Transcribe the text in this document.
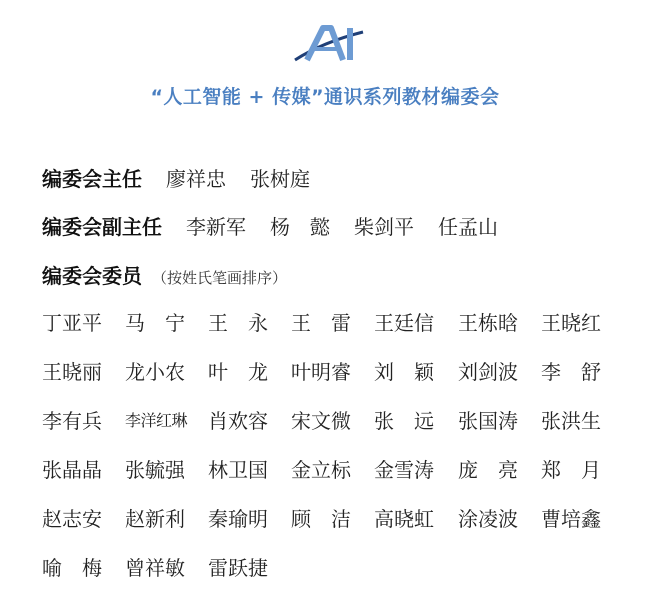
“人工智能 + 传媒”通识系列教材编委会
编委会主任 廖祥忠 张树庭
编委会副主任 李新军 杨　懿 柴剑平 任孟山
编委会委员 （按姓氏笔画排序）
丁亚平 马　宁 王　永 王　雷 王廷信 王栋晗 王晓红
王晓丽 龙小农 叶　龙 叶明睿 刘　颖 刘剑波 李　舒
李有兵 李洋红琳 肖欢容 宋文微 张　远 张国涛 张洪生
张晶晶 张毓强 林卫国 金立标 金雪涛 庞　亮 郑　月
赵志安 赵新利 秦瑜明 顾　洁 高晓虹 涂凌波 曹培鑫
喻　梅 曾祥敏 雷跃捷
